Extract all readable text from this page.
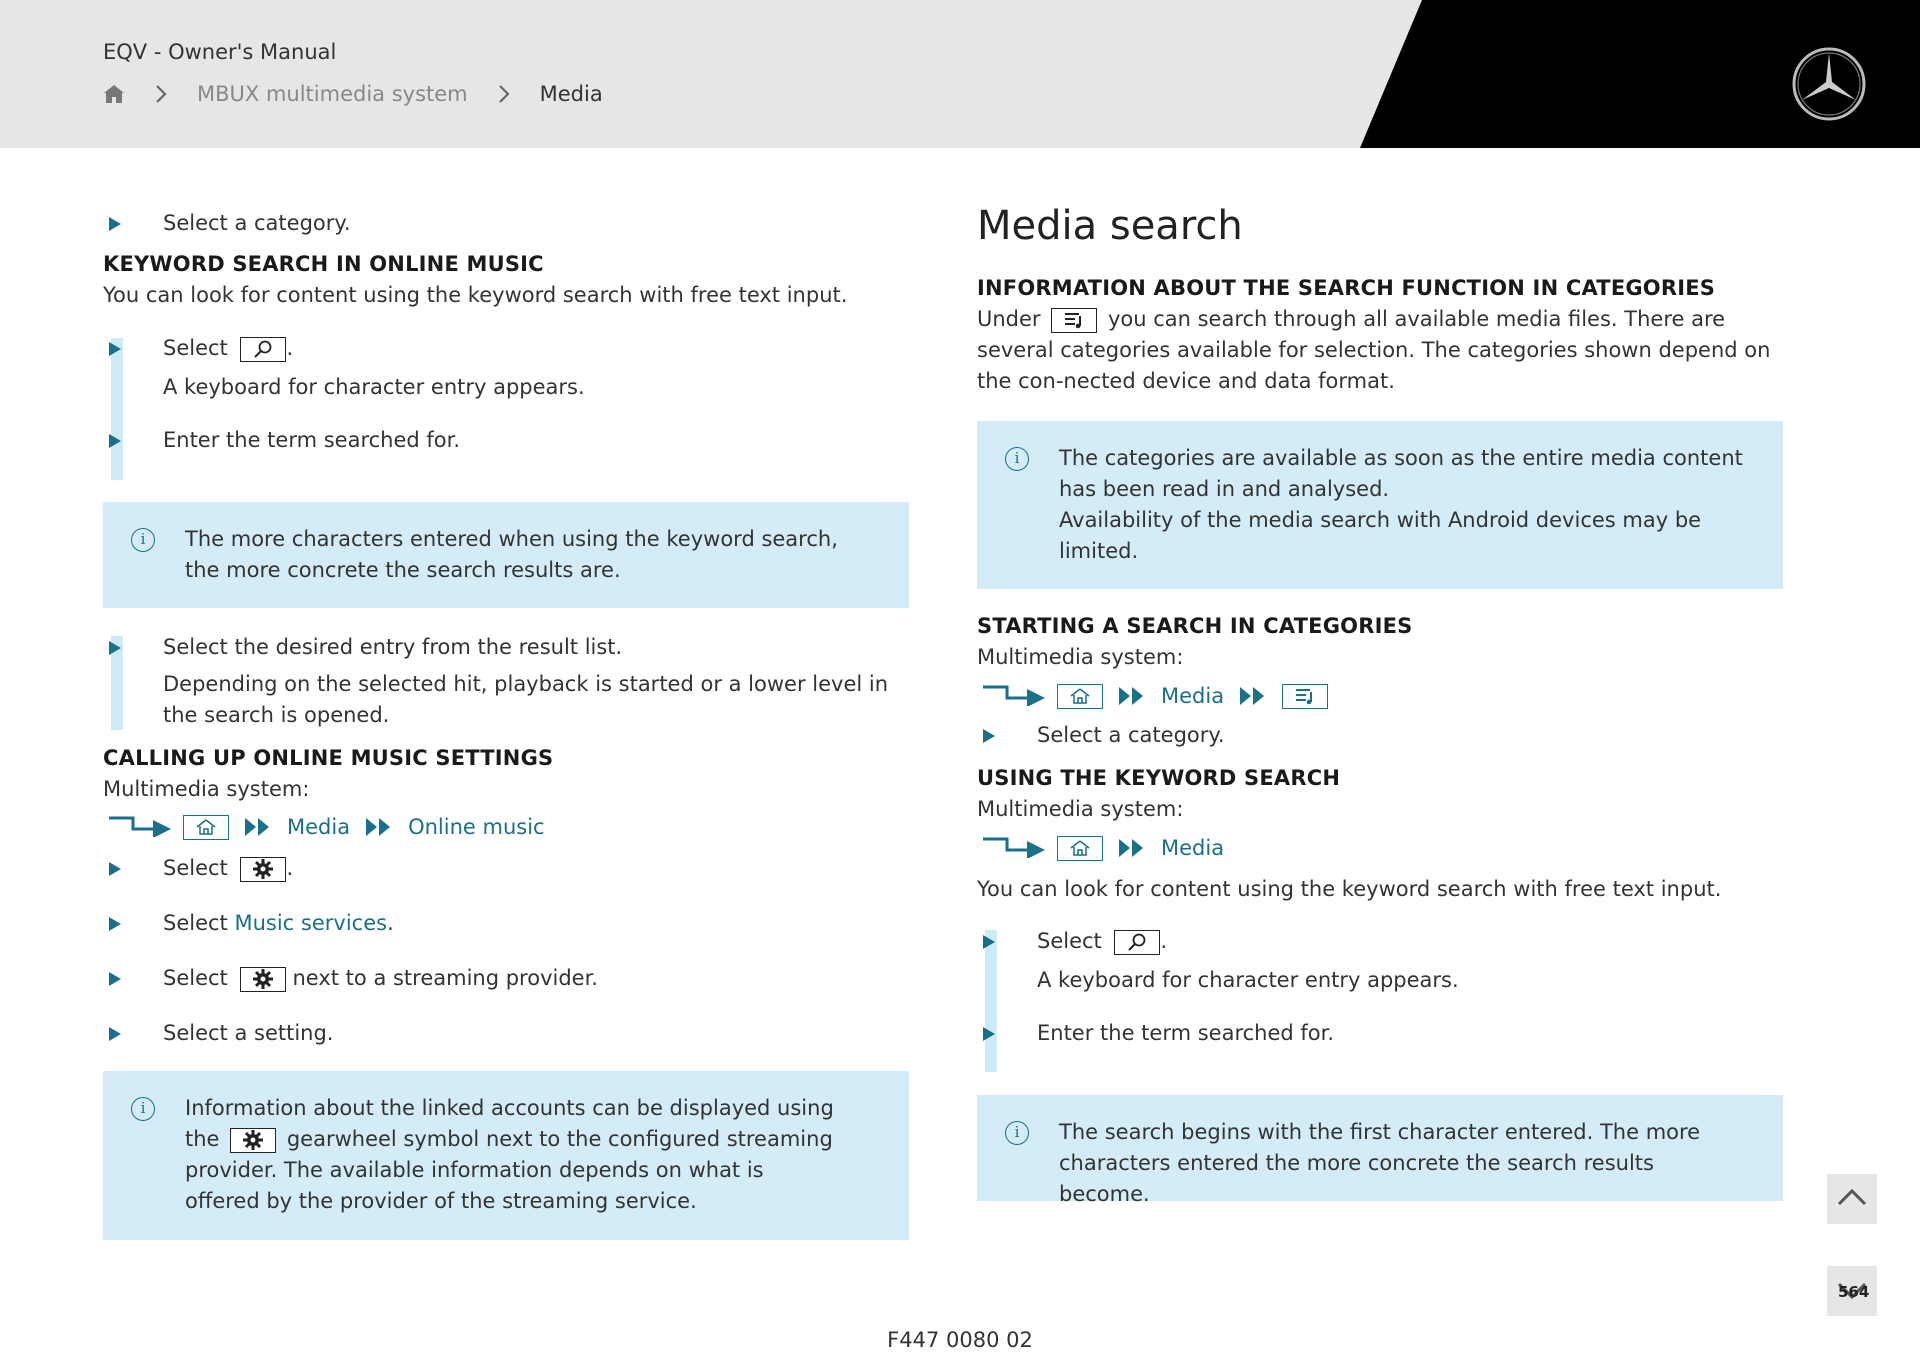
EQV - Owner's Manual
MBUX multimedia system	Media
Select a category.
KEYWORD SEARCH IN ONLINE MUSIC
You can look for content using the keyword search with free text input.
Select	.
A keyboard for character entry appears.
Enter the term searched for.
i	The more characters entered when using the keyword search, the more concrete the search results are.
Select the desired entry from the result list.
Depending on the selected hit, playback is started or a lower level in the search is opened.
CALLING UP ONLINE MUSIC SETTINGS
Multimedia system:
Media	Online music
Select	.
Select Music services.
Select	next to a streaming provider.
Select a setting.
i	Information about the linked accounts can be displayed using the	gearwheel symbol next to the configured streaming provider. The available information depends on what is offered by the provider of the streaming service.
Media search
INFORMATION ABOUT THE SEARCH FUNCTION IN CATEGORIES
Under	you can search through all available media files. There are several categories available for selection. The categories shown depend on the con-nected device and data format.
i	The categories are available as soon as the entire media content has been read in and analysed.
Availability of the media search with Android devices may be limited.
STARTING A SEARCH IN CATEGORIES
Multimedia system:
Media
Select a category.
USING THE KEYWORD SEARCH
Multimedia system:
Media
You can look for content using the keyword search with free text input.
Select	.
A keyboard for character entry appears.
Enter the term searched for.
i	The search begins with the first character entered. The more characters entered the more concrete the search results become.
564
F447 0080 02
